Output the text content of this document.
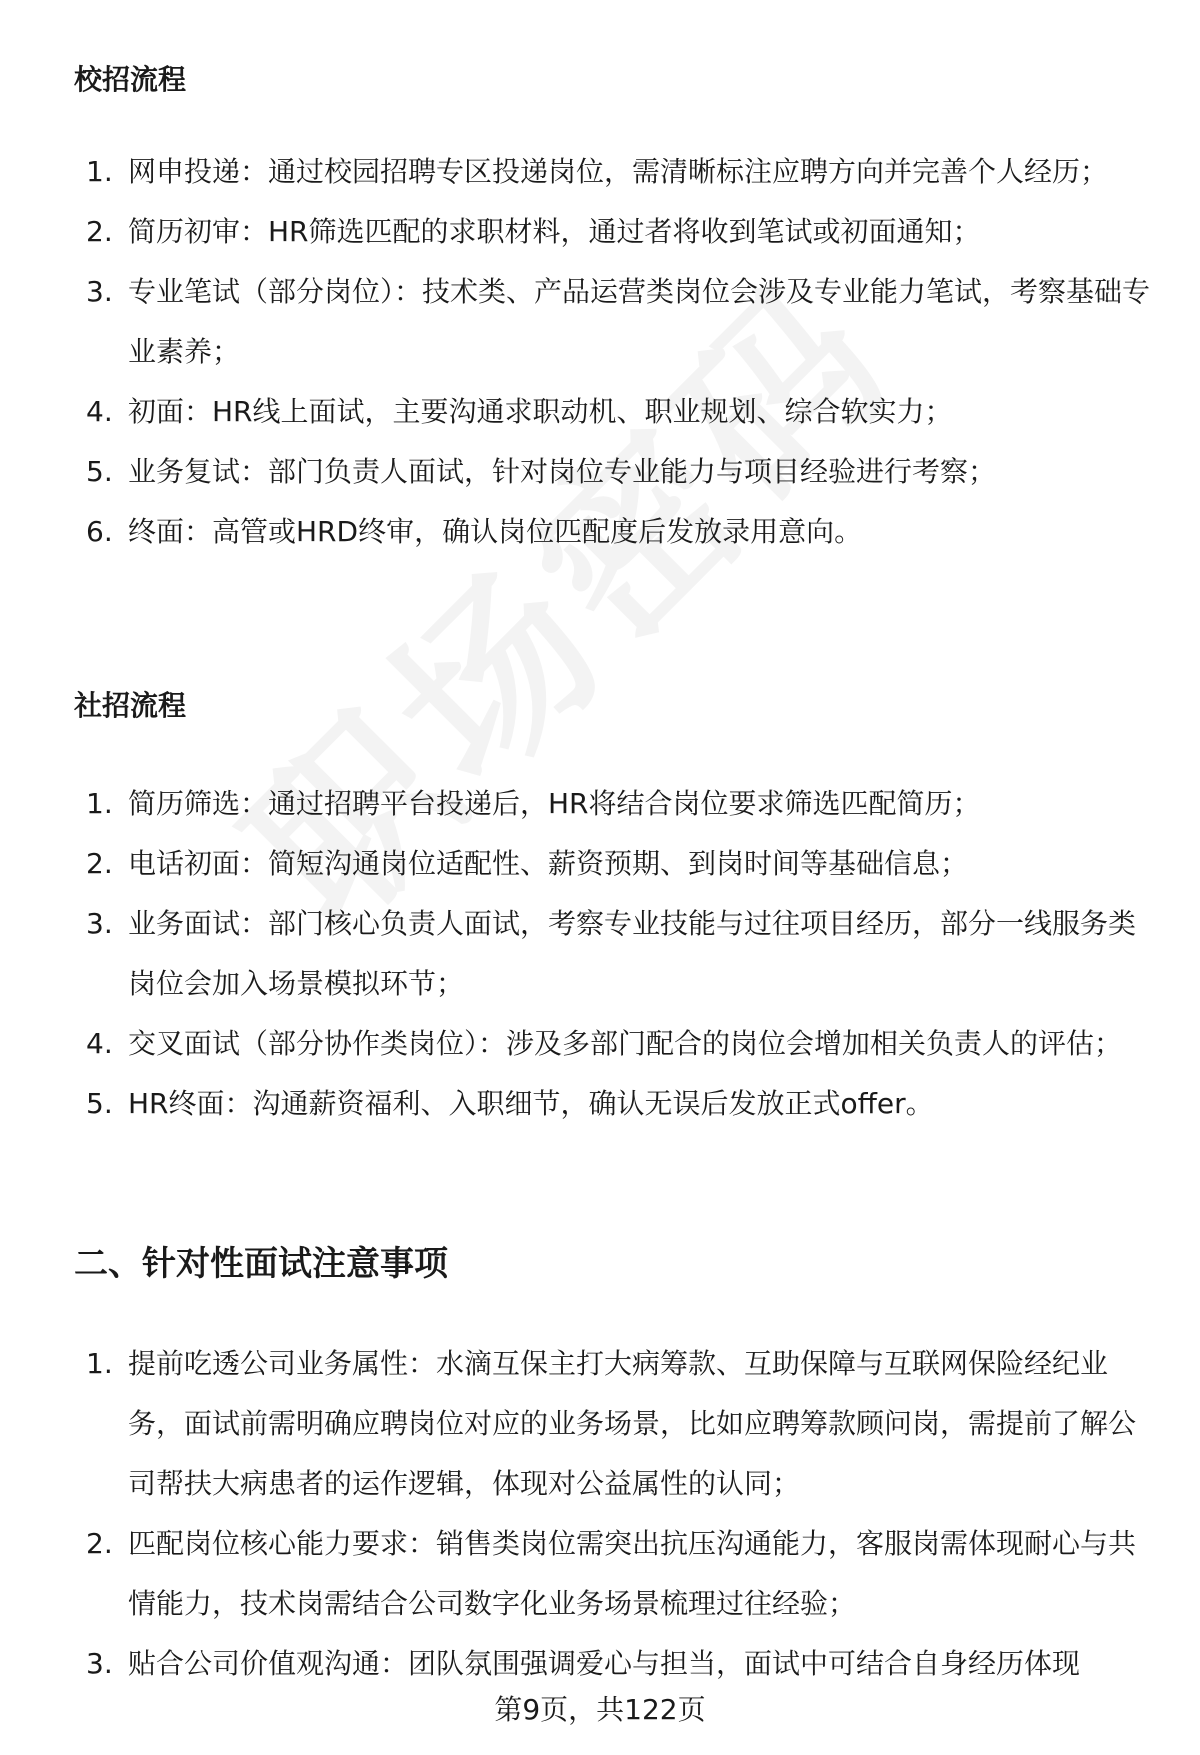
校招流程
1. 网申投递：通过校园招聘专区投递岗位，需清晰标注应聘方向并完善个人经历；
2. 简历初审：HR筛选匹配的求职材料，通过者将收到笔试或初面通知；
3. 专业笔试（部分岗位）：技术类、产品运营类岗位会涉及专业能力笔试，考察基础专业素养；
4. 初面：HR线上面试，主要沟通求职动机、职业规划、综合软实力；
5. 业务复试：部门负责人面试，针对岗位专业能力与项目经验进行考察；
6. 终面：高管或HRD终审，确认岗位匹配度后发放录用意向。
社招流程
1. 简历筛选：通过招聘平台投递后，HR将结合岗位要求筛选匹配简历；
2. 电话初面：简短沟通岗位适配性、薪资预期、到岗时间等基础信息；
3. 业务面试：部门核心负责人面试，考察专业技能与过往项目经历，部分一线服务类岗位会加入场景模拟环节；
4. 交叉面试（部分协作类岗位）：涉及多部门配合的岗位会增加相关负责人的评估；
5. HR终面：沟通薪资福利、入职细节，确认无误后发放正式offer。
二、针对性面试注意事项
1. 提前吃透公司业务属性：水滴互保主打大病筹款、互助保障与互联网保险经纪业务，面试前需明确应聘岗位对应的业务场景，比如应聘筹款顾问岗，需提前了解公司帮扶大病患者的运作逻辑，体现对公益属性的认同；
2. 匹配岗位核心能力要求：销售类岗位需突出抗压沟通能力，客服岗需体现耐心与共情能力，技术岗需结合公司数字化业务场景梳理过往经验；
3. 贴合公司价值观沟通：团队氛围强调爱心与担当，面试中可结合自身经历体现
第9页，共122页
